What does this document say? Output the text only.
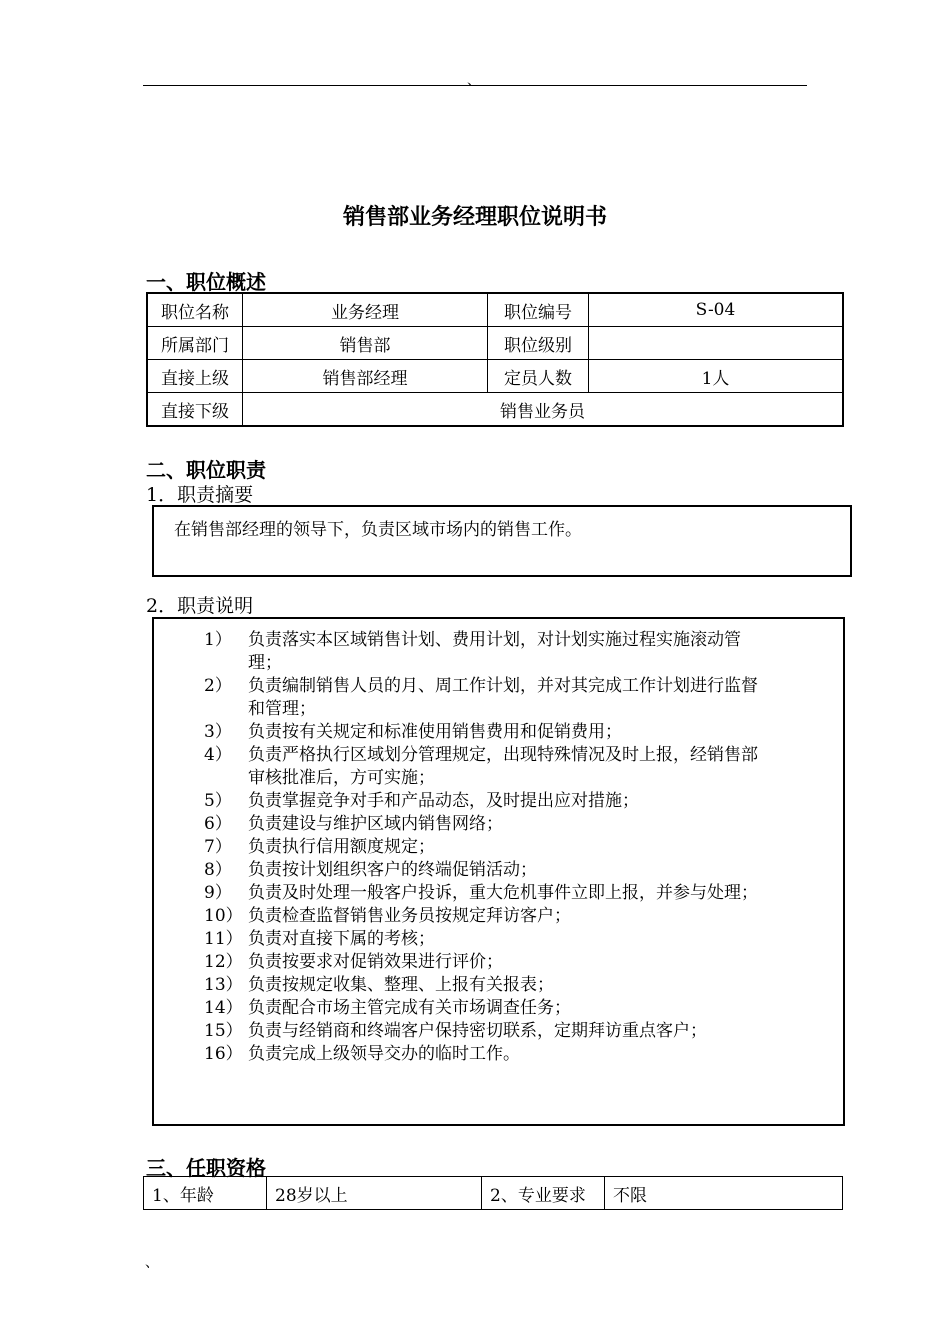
、
销售部业务经理职位说明书
一、职位概述
职位名称	业务经理	职位编号	S-04
所属部门	销售部	职位级别	
直接上级	销售部经理	定员人数	1人
直接下级	销售业务员		
二、职位职责
1．职责摘要
在销售部经理的领导下，负责区域市场内的销售工作。
2．职责说明
1） 负责落实本区域销售计划、费用计划，对计划实施过程实施滚动管
理；
2） 负责编制销售人员的月、周工作计划，并对其完成工作计划进行监督
和管理；
3） 负责按有关规定和标准使用销售费用和促销费用；
4） 负责严格执行区域划分管理规定，出现特殊情况及时上报，经销售部
审核批准后，方可实施；
5） 负责掌握竞争对手和产品动态，及时提出应对措施；
6） 负责建设与维护区域内销售网络；
7） 负责执行信用额度规定；
8） 负责按计划组织客户的终端促销活动；
9） 负责及时处理一般客户投诉，重大危机事件立即上报，并参与处理；
10） 负责检查监督销售业务员按规定拜访客户；
11） 负责对直接下属的考核；
12） 负责按要求对促销效果进行评价；
13） 负责按规定收集、整理、上报有关报表；
14） 负责配合市场主管完成有关市场调查任务；
15） 负责与经销商和终端客户保持密切联系，定期拜访重点客户；
16） 负责完成上级领导交办的临时工作。
三、任职资格
1、年龄	28岁以上	2、专业要求	不限
、
